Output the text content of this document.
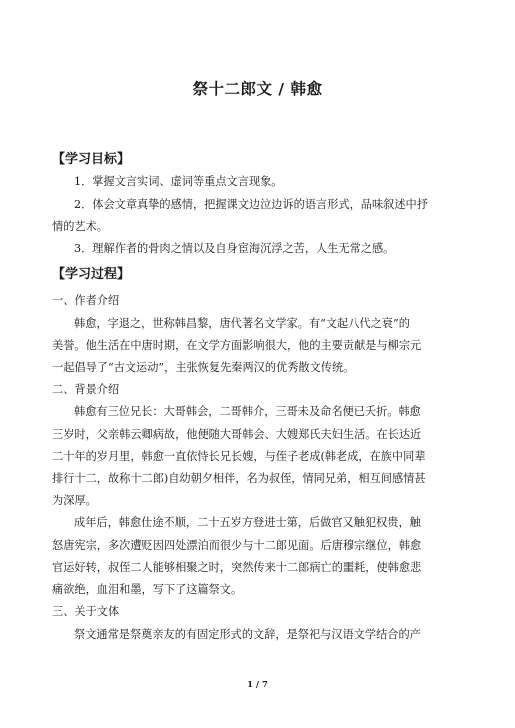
祭十二郎文 / 韩愈

【学习目标】

1．掌握文言实词、虚词等重点文言现象。

2．体会文章真挚的感情，把握课文边泣边诉的语言形式，品味叙述中抒

情的艺术。

3．理解作者的骨肉之情以及自身宦海沉浮之苦，人生无常之感。

【学习过程】

一、作者介绍

韩愈，字退之，世称韩昌黎，唐代著名文学家。有“文起八代之衰”的

美誉。他生活在中唐时期，在文学方面影响很大，他的主要贡献是与柳宗元

一起倡导了“古文运动”，主张恢复先秦两汉的优秀散文传统。

二、背景介绍

韩愈有三位兄长：大哥韩会，二哥韩介，三哥未及命名便已夭折。韩愈

三岁时，父亲韩云卿病故，他便随大哥韩会、大嫂郑氏夫妇生活。在长达近

二十年的岁月里，韩愈一直依恃长兄长嫂，与侄子老成(韩老成，在族中同辈

排行十二，故称十二郎)自幼朝夕相伴，名为叔侄，情同兄弟，相互间感情甚

为深厚。

成年后，韩愈仕途不顺，二十五岁方登进士第，后做官又触犯权贵，触

怒唐宪宗，多次遭贬因四处漂泊而很少与十二郎见面。后唐穆宗继位，韩愈

官运好转，叔侄二人能够相聚之时，突然传来十二郎病亡的噩耗，使韩愈悲

痛欲绝，血泪和墨，写下了这篇祭文。

三、关于文体

祭文通常是祭奠亲友的有固定形式的文辞，是祭祀与汉语文学结合的产

1 / 7
